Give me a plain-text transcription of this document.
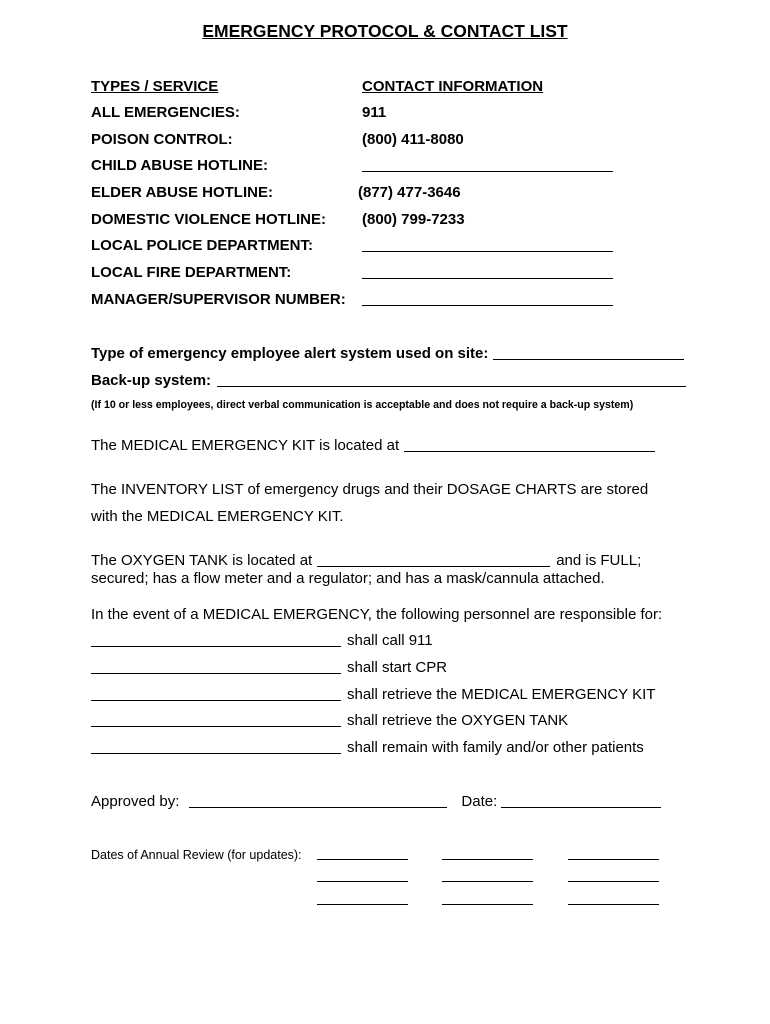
EMERGENCY PROTOCOL & CONTACT LIST
TYPES / SERVICE	CONTACT INFORMATION
ALL EMERGENCIES:	911
POISON CONTROL:	(800) 411-8080
CHILD ABUSE HOTLINE:
ELDER ABUSE HOTLINE:	(877) 477-3646
DOMESTIC VIOLENCE HOTLINE: (800) 799-7233
LOCAL POLICE DEPARTMENT:
LOCAL FIRE DEPARTMENT:
MANAGER/SUPERVISOR NUMBER:
Type of emergency employee alert system used on site:
Back-up system:
(If 10 or less employees, direct verbal communication is acceptable and does not require a back-up system)
The MEDICAL EMERGENCY KIT is located at
The INVENTORY LIST of emergency drugs and their DOSAGE CHARTS are stored
with the MEDICAL EMERGENCY KIT.
The OXYGEN TANK is located at	and is FULL;
secured; has a flow meter and a regulator; and has a mask/cannula attached.
In the event of a MEDICAL EMERGENCY, the following personnel are responsible for:
shall call 911
shall start CPR
shall retrieve the MEDICAL EMERGENCY KIT
shall retrieve the OXYGEN TANK
shall remain with family and/or other patients
Approved by:	Date:
Dates of Annual Review (for updates):
